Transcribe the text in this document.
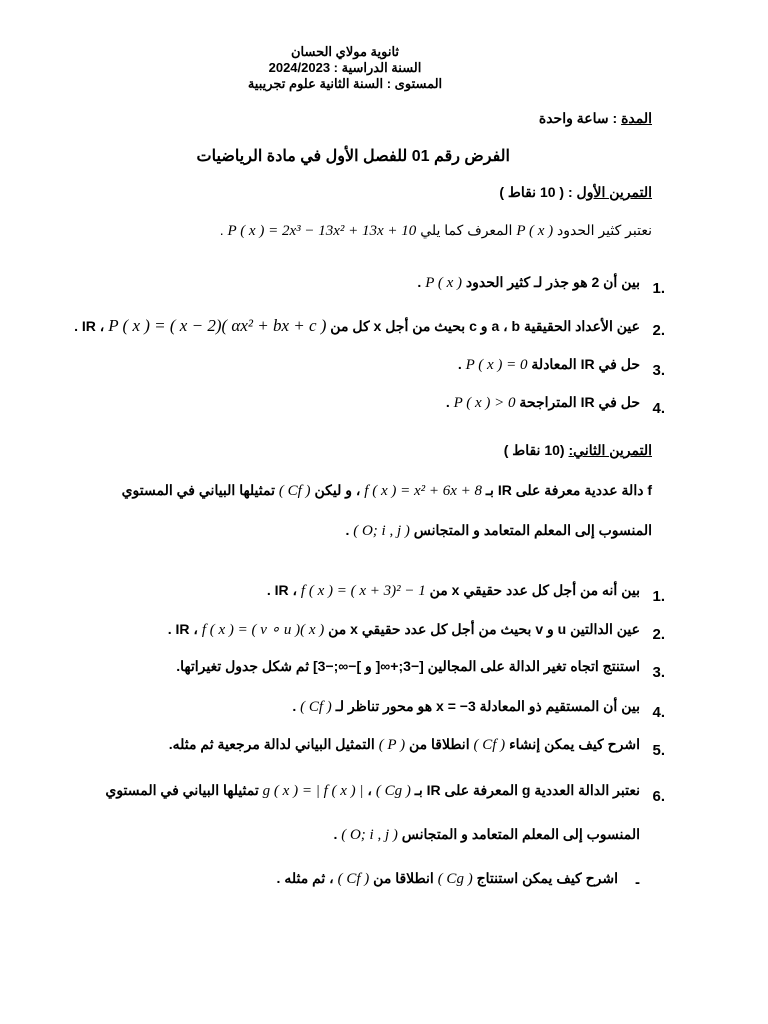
ثانوية مولاي الحسان
السنة الدراسية : 2024/2023
المستوى : السنة الثانية علوم تجريبية
المدة : ساعة واحدة
الفرض رقم 01 للفصل الأول في مادة الرياضيات
التمرين الأول : ( 10 نقاط )
نعتبر كثير الحدود P ( x ) المعرف كما يلي P ( x ) = 2x³ − 13x² + 13x + 10 .
1.
بين أن 2 هو جذر لـ كثير الحدود P ( x ) .
2.
عين الأعداد الحقيقية a ، b و c بحيث من أجل x كل من IR ، P ( x ) = ( x − 2)( αx² + bx + c ) .
3.
حل في IR المعادلة P ( x ) = 0 .
4.
حل في IR المتراجحة P ( x ) > 0 .
التمرين الثاني: (10 نقاط )
f دالة عددية معرفة على IR بـ f ( x ) = x² + 6x + 8 ، و ليكن ( Cf ) تمثيلها البياني في المستوي
المنسوب إلى المعلم المتعامد و المتجانس ( O; i , j ) .
1.
بين أنه من أجل كل عدد حقيقي x من IR ، f ( x ) = ( x + 3)² − 1 .
2.
عين الدالتين u و v بحيث من أجل كل عدد حقيقي x من IR ، f ( x ) = ( v ∘ u )( x ) .
3.
استنتج اتجاه تغير الدالة على المجالين [−3;+∞[ و ]−∞;−3] ثم شكل جدول تغيراتها.
4.
بين أن المستقيم ذو المعادلة x = −3 هو محور تناظر لـ ( Cf ) .
5.
اشرح كيف يمكن إنشاء ( Cf ) انطلاقا من ( P ) التمثيل البياني لدالة مرجعية ثم مثله.
6.
نعتبر الدالة العددية g المعرفة على IR بـ g ( x ) = | f ( x ) | ، ( Cg ) تمثيلها البياني في المستوي
المنسوب إلى المعلم المتعامد و المتجانس ( O; i , j ) .
-
اشرح كيف يمكن استنتاج ( Cg ) انطلاقا من ( Cf ) ، ثم مثله .
